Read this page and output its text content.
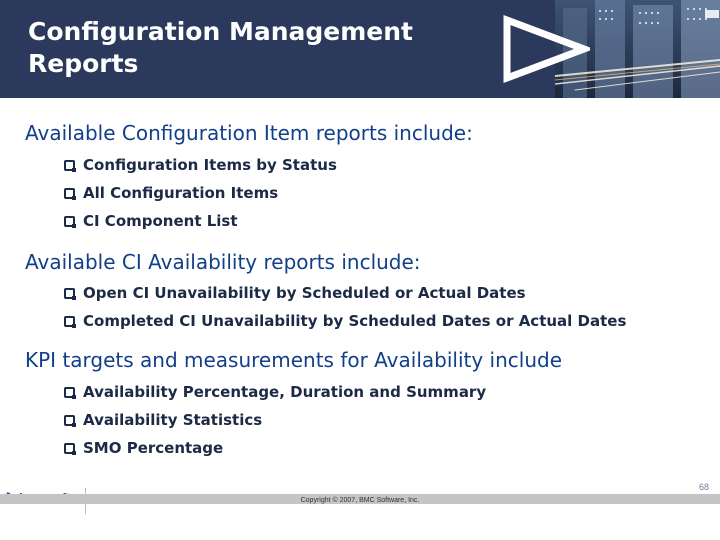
Configuration Management
Reports
Available Configuration Item reports include:
Configuration Items by Status
All Configuration Items
CI Component List
Available CI Availability reports include:
Open CI Unavailability by Scheduled or Actual Dates
Completed CI Unavailability by Scheduled Dates or Actual Dates
KPI targets and measurements for Availability include
Availability Percentage, Duration and Summary
Availability Statistics
SMO Percentage
68
Copyright © 2007, BMC Software, Inc.
